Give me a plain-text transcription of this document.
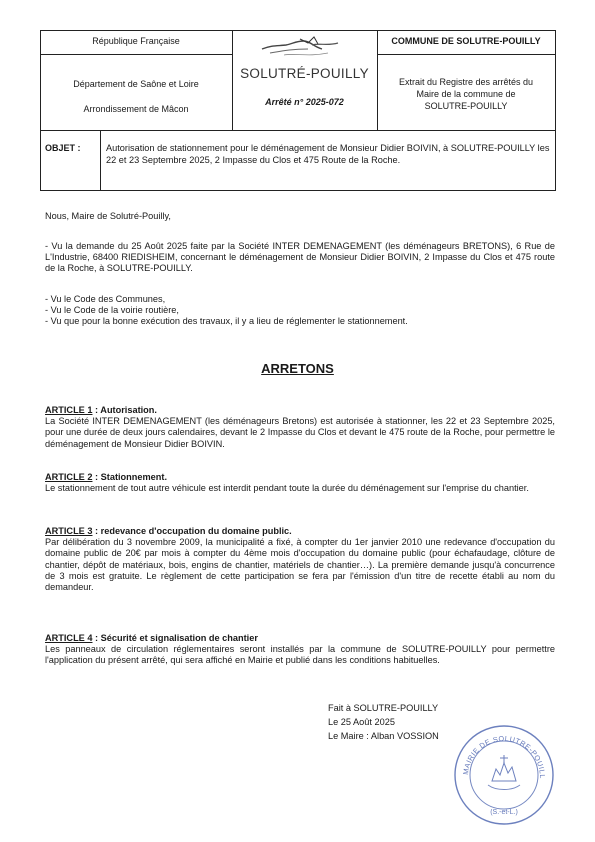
République Française
Département de Saône et Loire
Arrondissement de Mâcon
SOLUTRÉ-POUILLY
Arrêté n° 2025-072
COMMUNE DE SOLUTRE-POUILLY
Extrait du Registre des arrêtés du
Maire de la commune de
SOLUTRE-POUILLY
OBJET :	Autorisation de stationnement pour le déménagement de Monsieur Didier BOIVIN, à SOLUTRE-POUILLY les 22 et 23 Septembre 2025, 2 Impasse du Clos et 475 Route de la Roche.
Nous, Maire de Solutré-Pouilly,
- Vu la demande du 25 Août 2025 faite par la Société INTER DEMENAGEMENT (les déménageurs BRETONS), 6 Rue de L'Industrie, 68400 RIEDISHEIM, concernant le déménagement de Monsieur Didier BOIVIN, 2 Impasse du Clos et 475 route de la Roche, à SOLUTRE-POUILLY.

- Vu le Code des Communes,

- Vu le Code de la voirie routière,

- Vu que pour la bonne exécution des travaux, il y a lieu de réglementer le stationnement.

ARRETONS
ARTICLE 1 : Autorisation.
La Société INTER DEMENAGEMENT (les déménageurs Bretons) est autorisée à stationner, les 22 et 23 Septembre 2025, pour une durée de deux jours calendaires, devant le 2 Impasse du Clos et devant le 475 route de la Roche, pour permettre le déménagement de Monsieur Didier BOIVIN.
ARTICLE 2 : Stationnement.
Le stationnement de tout autre véhicule est interdit pendant toute la durée du déménagement sur l'emprise du chantier.
ARTICLE 3 : redevance d'occupation du domaine public.
Par délibération du 3 novembre 2009, la municipalité a fixé, à compter du 1er janvier 2010 une redevance d'occupation du domaine public de 20€ par mois à compter du 4ème mois d'occupation du domaine public (pour échafaudage, clôture de chantier, dépôt de matériaux, bois, engins de chantier, matériels de chantier…). La première demande jusqu'à concurrence de 3 mois est gratuite. Le règlement de cette participation se fera par l'émission d'un titre de recette établi au nom du demandeur.
ARTICLE 4 : Sécurité et signalisation de chantier
Les panneaux de circulation réglementaires seront installés par la commune de SOLUTRE-POUILLY pour permettre l'application du présent arrêté, qui sera affiché en Mairie et publié dans les conditions habituelles.
Fait à SOLUTRE-POUILLY
Le 25 Août 2025
Le Maire : Alban VOSSION
MAIRIE DE SOLUTRE-POUILL
(S.-et-L.)
